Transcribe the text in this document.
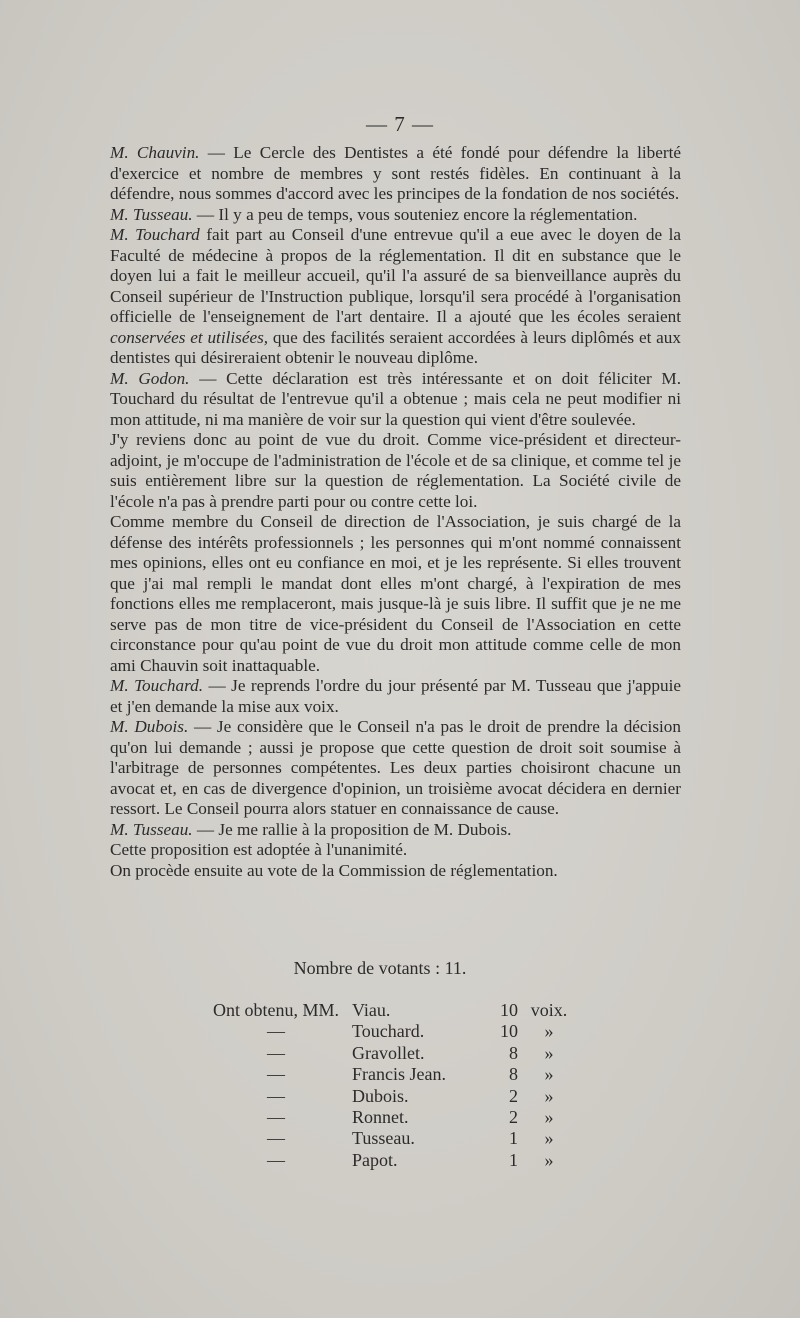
— 7 —

M. Chauvin. — Le Cercle des Dentistes a été fondé pour défendre la liberté d'exercice et nombre de membres y sont restés fidèles. En continuant à la défendre, nous sommes d'accord avec les principes de la fondation de nos sociétés.

M. Tusseau. — Il y a peu de temps, vous souteniez encore la réglementation.

M. Touchard fait part au Conseil d'une entrevue qu'il a eue avec le doyen de la Faculté de médecine à propos de la réglementation. Il dit en substance que le doyen lui a fait le meilleur accueil, qu'il l'a assuré de sa bienveillance auprès du Conseil supérieur de l'Instruction publique, lorsqu'il sera procédé à l'organisation officielle de l'enseignement de l'art dentaire. Il a ajouté que les écoles seraient conservées et utilisées, que des facilités seraient accordées à leurs diplômés et aux dentistes qui désireraient obtenir le nouveau diplôme.

M. Godon. — Cette déclaration est très intéressante et on doit féliciter M. Touchard du résultat de l'entrevue qu'il a obtenue ; mais cela ne peut modifier ni mon attitude, ni ma manière de voir sur la question qui vient d'être soulevée.

J'y reviens donc au point de vue du droit. Comme vice-président et directeur-adjoint, je m'occupe de l'administration de l'école et de sa clinique, et comme tel je suis entièrement libre sur la question de réglementation. La Société civile de l'école n'a pas à prendre parti pour ou contre cette loi.

Comme membre du Conseil de direction de l'Association, je suis chargé de la défense des intérêts professionnels ; les personnes qui m'ont nommé connaissent mes opinions, elles ont eu confiance en moi, et je les représente. Si elles trouvent que j'ai mal rempli le mandat dont elles m'ont chargé, à l'expiration de mes fonctions elles me remplaceront, mais jusque-là je suis libre. Il suffit que je ne me serve pas de mon titre de vice-président du Conseil de l'Association en cette circonstance pour qu'au point de vue du droit mon attitude comme celle de mon ami Chauvin soit inattaquable.

M. Touchard. — Je reprends l'ordre du jour présenté par M. Tusseau que j'appuie et j'en demande la mise aux voix.

M. Dubois. — Je considère que le Conseil n'a pas le droit de prendre la décision qu'on lui demande ; aussi je propose que cette question de droit soit soumise à l'arbitrage de personnes compétentes. Les deux parties choisiront chacune un avocat et, en cas de divergence d'opinion, un troisième avocat décidera en dernier ressort. Le Conseil pourra alors statuer en connaissance de cause.

M. Tusseau. — Je me rallie à la proposition de M. Dubois.

Cette proposition est adoptée à l'unanimité.

On procède ensuite au vote de la Commission de réglementation.

Nombre de votants : 11.
Ont obtenu, MM.	Viau.	10	voix.
—	Touchard.	10	»
—	Gravollet.	8	»
—	Francis Jean.	8	»
—	Dubois.	2	»
—	Ronnet.	2	»
—	Tusseau.	1	»
—	Papot.	1	»
